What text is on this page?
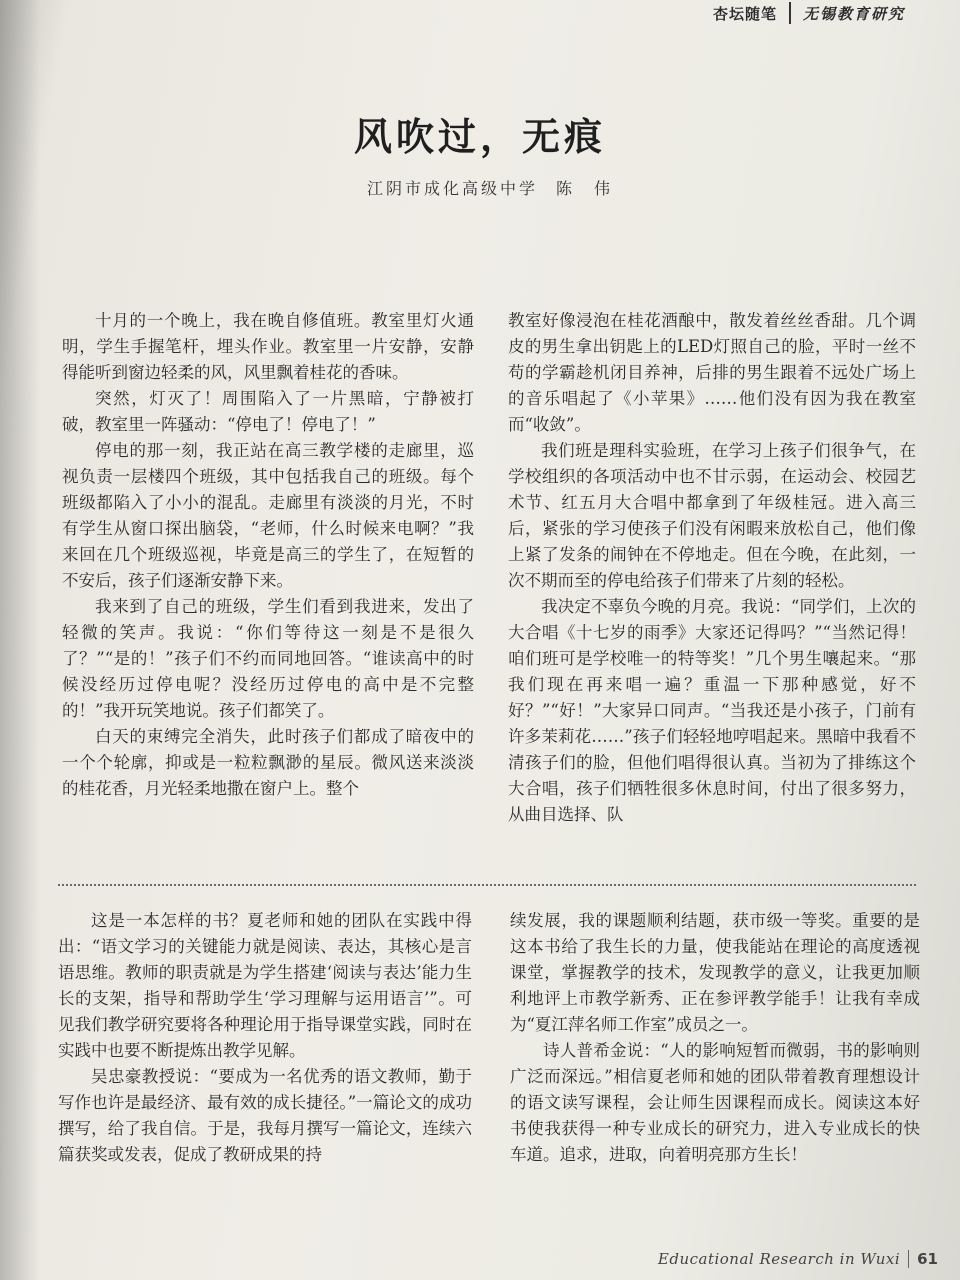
杏坛随笔 无锡教育研究
风吹过，无痕
江阴市成化高级中学 陈　伟

十月的一个晚上，我在晚自修值班。教室里灯火通明，学生手握笔杆，埋头作业。教室里一片安静，安静得能听到窗边轻柔的风，风里飘着桂花的香味。

突然，灯灭了！周围陷入了一片黑暗，宁静被打破，教室里一阵骚动：“停电了！停电了！”

停电的那一刻，我正站在高三教学楼的走廊里，巡视负责一层楼四个班级，其中包括我自己的班级。每个班级都陷入了小小的混乱。走廊里有淡淡的月光，不时有学生从窗口探出脑袋，“老师，什么时候来电啊？”我来回在几个班级巡视，毕竟是高三的学生了，在短暂的不安后，孩子们逐渐安静下来。

我来到了自己的班级，学生们看到我进来，发出了轻微的笑声。我说：“你们等待这一刻是不是很久了？”“是的！”孩子们不约而同地回答。“谁读高中的时候没经历过停电呢？没经历过停电的高中是不完整的！”我开玩笑地说。孩子们都笑了。

白天的束缚完全消失，此时孩子们都成了暗夜中的一个个轮廓，抑或是一粒粒飘渺的星辰。微风送来淡淡的桂花香，月光轻柔地撒在窗户上。整个

教室好像浸泡在桂花酒酿中，散发着丝丝香甜。几个调皮的男生拿出钥匙上的LED灯照自己的脸，平时一丝不苟的学霸趁机闭目养神，后排的男生跟着不远处广场上的音乐唱起了《小苹果》……他们没有因为我在教室而“收敛”。

我们班是理科实验班，在学习上孩子们很争气，在学校组织的各项活动中也不甘示弱，在运动会、校园艺术节、红五月大合唱中都拿到了年级桂冠。进入高三后，紧张的学习使孩子们没有闲暇来放松自己，他们像上紧了发条的闹钟在不停地走。但在今晚，在此刻，一次不期而至的停电给孩子们带来了片刻的轻松。

我决定不辜负今晚的月亮。我说：“同学们，上次的大合唱《十七岁的雨季》大家还记得吗？”“当然记得！咱们班可是学校唯一的特等奖！”几个男生嚷起来。“那我们现在再来唱一遍？重温一下那种感觉，好不好？”“好！”大家异口同声。“当我还是小孩子，门前有许多茉莉花……”孩子们轻轻地哼唱起来。黑暗中我看不清孩子们的脸，但他们唱得很认真。当初为了排练这个大合唱，孩子们牺牲很多休息时间，付出了很多努力，从曲目选择、队

这是一本怎样的书？夏老师和她的团队在实践中得出：“语文学习的关键能力就是阅读、表达，其核心是言语思维。教师的职责就是为学生搭建‘阅读与表达’能力生长的支架，指导和帮助学生‘学习理解与运用语言’”。可见我们教学研究要将各种理论用于指导课堂实践，同时在实践中也要不断提炼出教学见解。

吴忠豪教授说：“要成为一名优秀的语文教师，勤于写作也许是最经济、最有效的成长捷径。”一篇论文的成功撰写，给了我自信。于是，我每月撰写一篇论文，连续六篇获奖或发表，促成了教研成果的持

续发展，我的课题顺利结题，获市级一等奖。重要的是这本书给了我生长的力量，使我能站在理论的高度透视课堂，掌握教学的技术，发现教学的意义，让我更加顺利地评上市教学新秀、正在参评教学能手！让我有幸成为“夏江萍名师工作室”成员之一。

诗人普希金说：“人的影响短暂而微弱，书的影响则广泛而深远。”相信夏老师和她的团队带着教育理想设计的语文读写课程，会让师生因课程而成长。阅读这本好书使我获得一种专业成长的研究力，进入专业成长的快车道。追求，进取，向着明亮那方生长！

Educational Research in Wuxi 61
